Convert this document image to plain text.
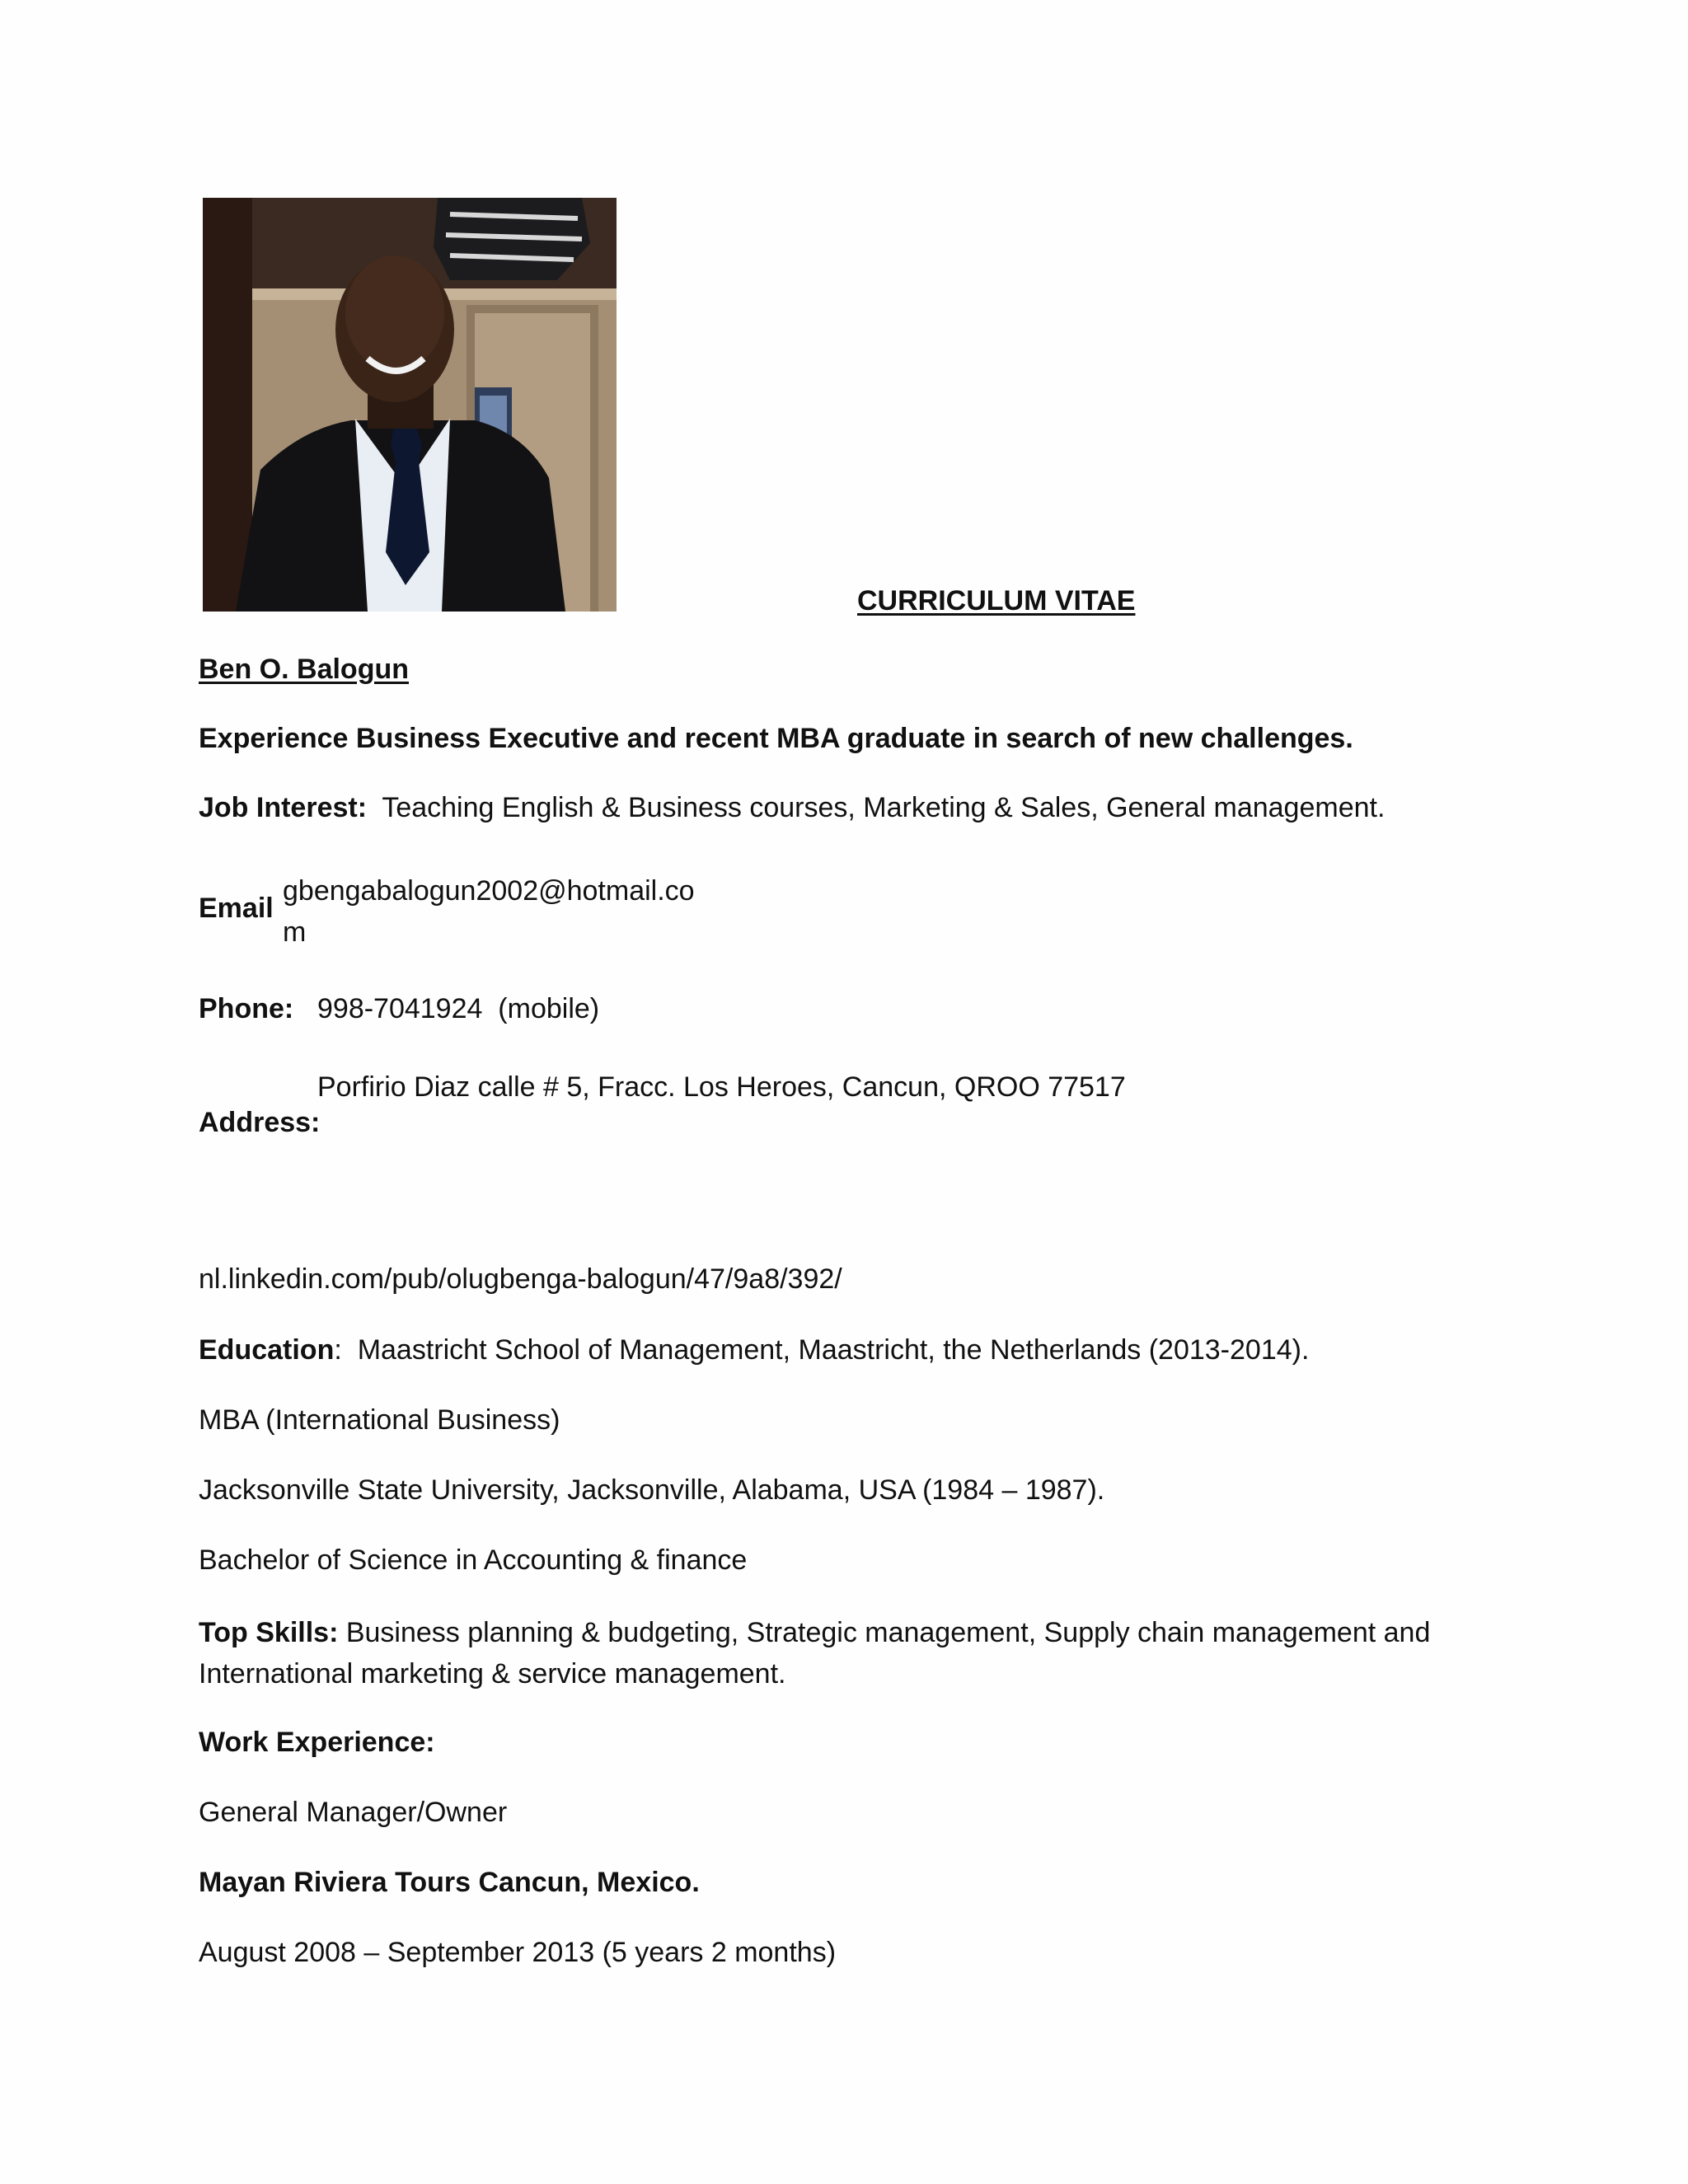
CURRICULUM VITAE
Ben O. Balogun
Experience Business Executive and recent MBA graduate in search of new challenges.
Job Interest: Teaching English & Business courses, Marketing & Sales, General management.
Email
gbengabalogun2002@hotmail.com
Phone: 998-7041924  (mobile)
Porfirio Diaz calle # 5, Fracc. Los Heroes, Cancun, QROO 77517
Address:
nl.linkedin.com/pub/olugbenga-balogun/47/9a8/392/
Education: Maastricht School of Management, Maastricht, the Netherlands (2013-2014).
MBA (International Business)
Jacksonville State University, Jacksonville, Alabama, USA (1984 – 1987).
Bachelor of Science in Accounting & finance
Top Skills: Business planning & budgeting, Strategic management, Supply chain management and International marketing & service management.
Work Experience:
General Manager/Owner
Mayan Riviera Tours Cancun, Mexico.
August 2008 – September 2013 (5 years 2 months)
